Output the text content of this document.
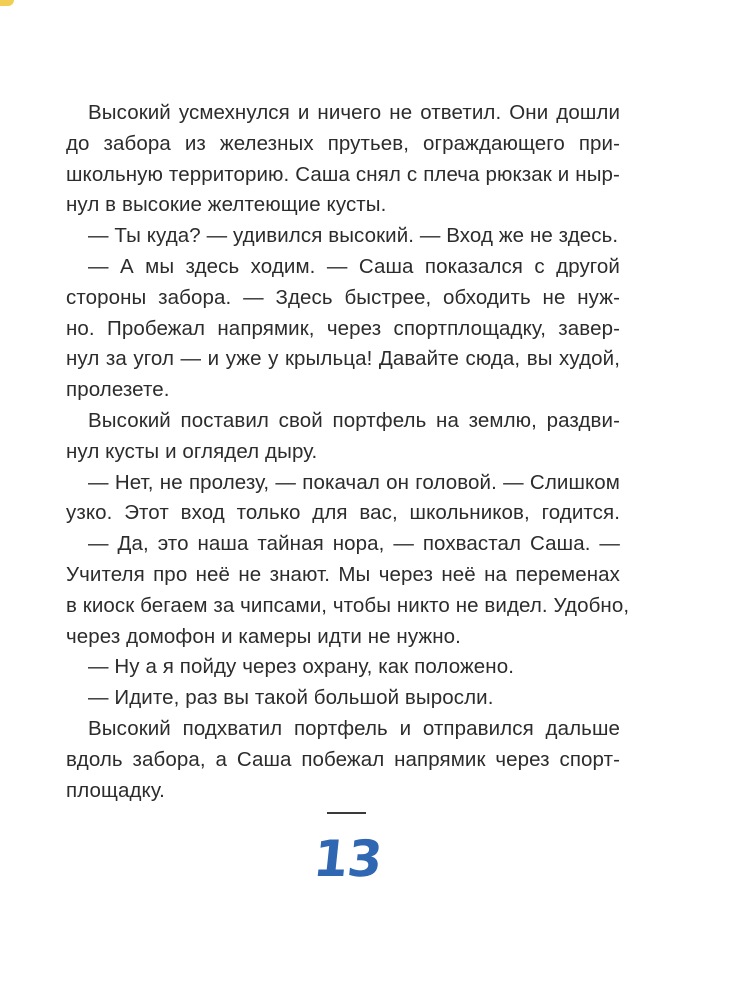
Высокий усмехнулся и ничего не ответил. Они дошли
до забора из железных прутьев, ограждающего при-
школьную территорию. Саша снял с плеча рюкзак и ныр-
нул в высокие желтеющие кусты.

— Ты куда? — удивился высокий. — Вход же не здесь.

— А мы здесь ходим. — Саша показался с другой
стороны забора. — Здесь быстрее, обходить не нуж-
но. Пробежал напрямик, через спортплощадку, завер-
нул за угол — и уже у крыльца! Давайте сюда, вы худой,
пролезете.

Высокий поставил свой портфель на землю, раздви-
нул кусты и оглядел дыру.

— Нет, не пролезу, — покачал он головой. — Слишком
узко. Этот вход только для вас, школьников, годится.

— Да, это наша тайная нора, — похвастал Саша. —
Учителя про неё не знают. Мы через неё на переменах
в киоск бегаем за чипсами, чтобы никто не видел. Удобно,
через домофон и камеры идти не нужно.

— Ну а я пойду через охрану, как положено.

— Идите, раз вы такой большой выросли.

Высокий подхватил портфель и отправился дальше
вдоль забора, а Саша побежал напрямик через спорт-
площадку.

13
